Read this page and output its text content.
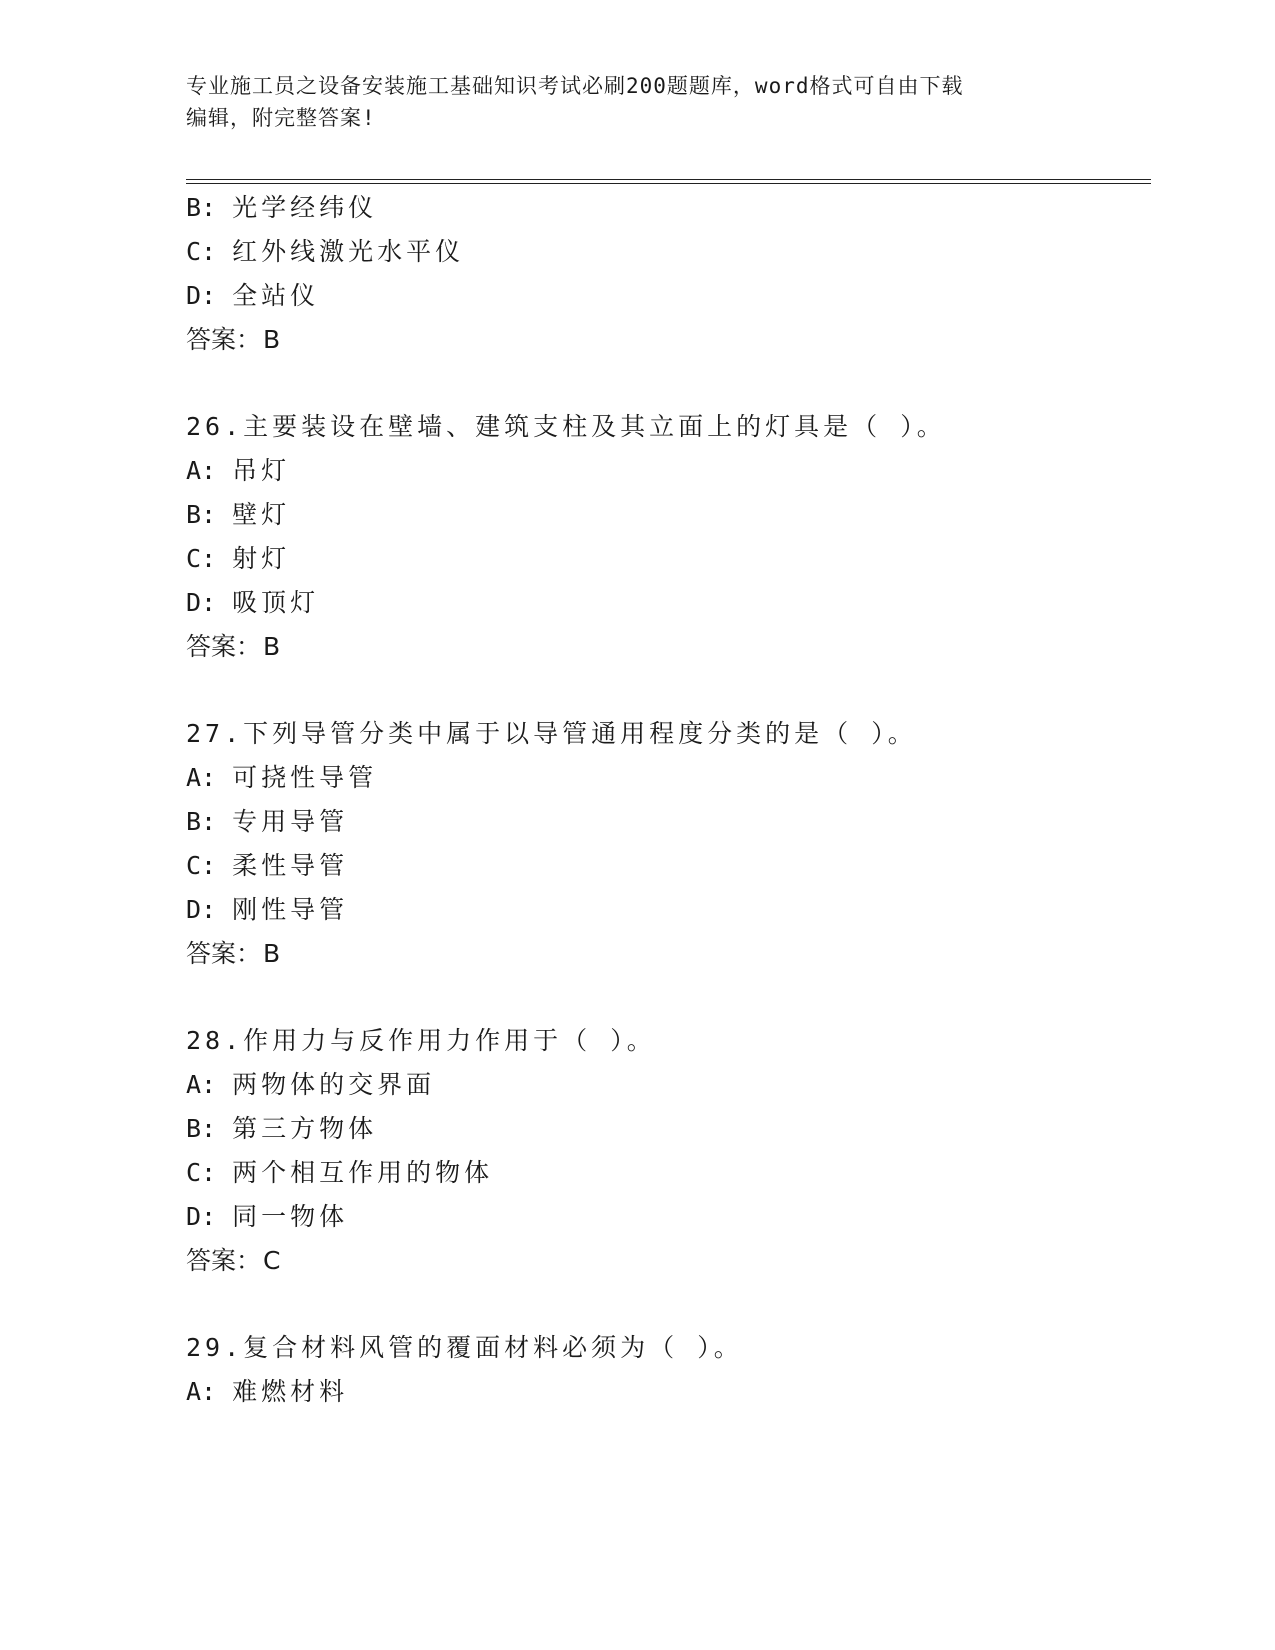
专业施工员之设备安装施工基础知识考试必刷200题题库，word格式可自由下载
编辑，附完整答案!
B: 光学经纬仪
C: 红外线激光水平仪
D: 全站仪
答案：B
26.主要装设在壁墙、建筑支柱及其立面上的灯具是（ ）。
A: 吊灯
B: 壁灯
C: 射灯
D: 吸顶灯
答案：B
27.下列导管分类中属于以导管通用程度分类的是（ ）。
A: 可挠性导管
B: 专用导管
C: 柔性导管
D: 刚性导管
答案：B
28.作用力与反作用力作用于（ ）。
A: 两物体的交界面
B: 第三方物体
C: 两个相互作用的物体
D: 同一物体
答案：C
29.复合材料风管的覆面材料必须为（ ）。
A: 难燃材料
